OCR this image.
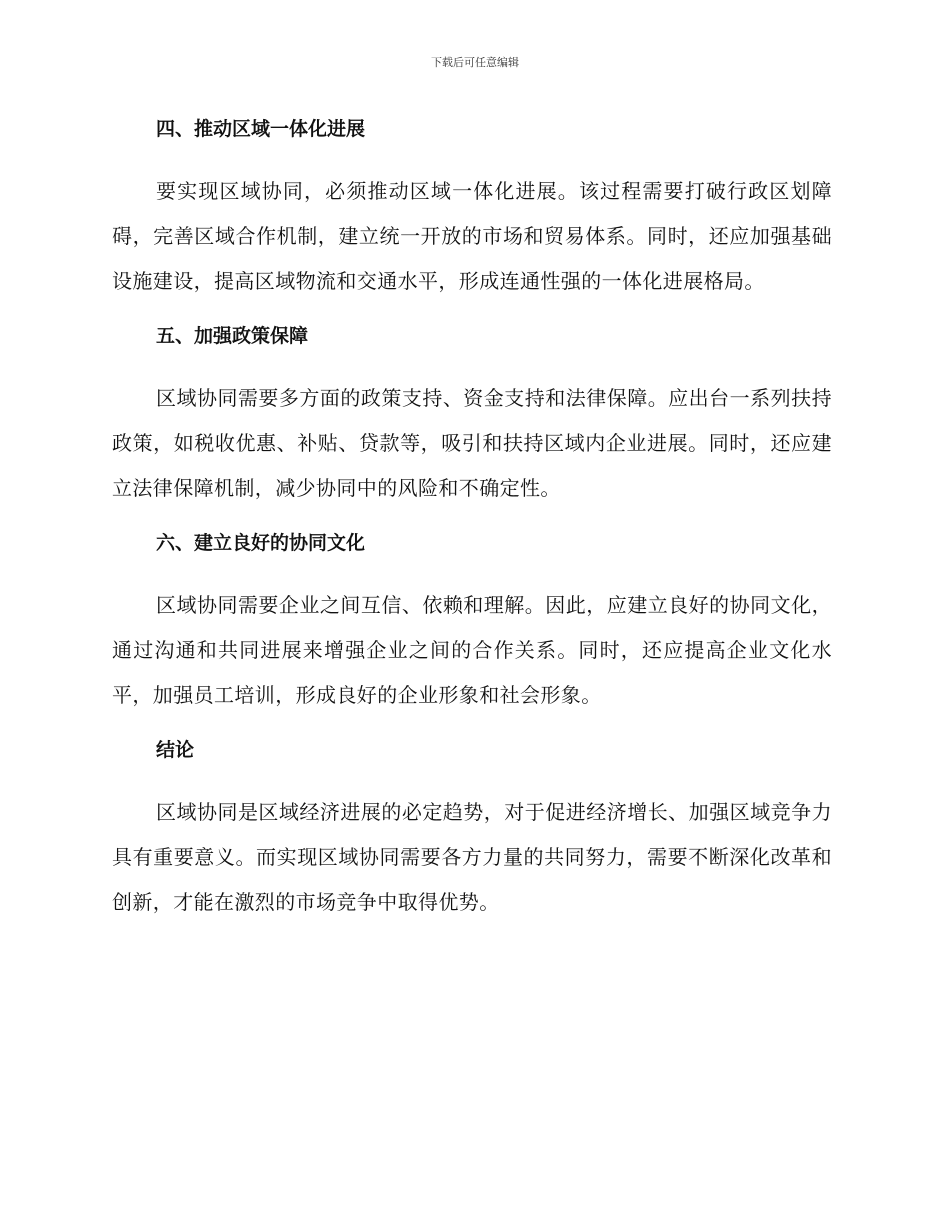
下载后可任意编辑
四、推动区域一体化进展

要实现区域协同，必须推动区域一体化进展。该过程需要打破行政区划障碍，完善区域合作机制，建立统一开放的市场和贸易体系。同时，还应加强基础设施建设，提高区域物流和交通水平，形成连通性强的一体化进展格局。

五、加强政策保障

区域协同需要多方面的政策支持、资金支持和法律保障。应出台一系列扶持政策，如税收优惠、补贴、贷款等，吸引和扶持区域内企业进展。同时，还应建立法律保障机制，减少协同中的风险和不确定性。

六、建立良好的协同文化

区域协同需要企业之间互信、依赖和理解。因此，应建立良好的协同文化，通过沟通和共同进展来增强企业之间的合作关系。同时，还应提高企业文化水平，加强员工培训，形成良好的企业形象和社会形象。

结论

区域协同是区域经济进展的必定趋势，对于促进经济增长、加强区域竞争力具有重要意义。而实现区域协同需要各方力量的共同努力，需要不断深化改革和创新，才能在激烈的市场竞争中取得优势。
